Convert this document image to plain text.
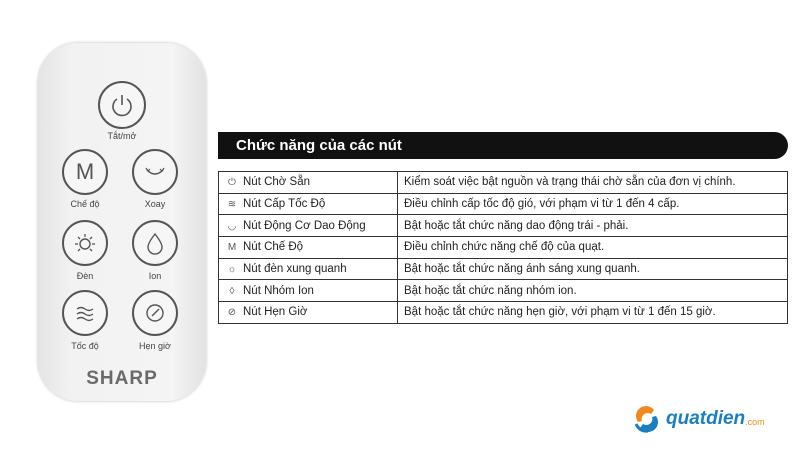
Tắt/mở
M
Chế độ	Xoay
Đèn	Ion
Tốc độ	Hẹn giờ
SHARP
Chức năng của các nút
⏻ Nút Chờ Sẵn	Kiểm soát việc bật nguồn và trạng thái chờ sẵn của đơn vị chính.
≋ Nút Cấp Tốc Độ	Điều chỉnh cấp tốc độ gió, với phạm vi từ 1 đến 4 cấp.
◡ Nút Động Cơ Dao Động	Bật hoặc tắt chức năng dao động trái - phải.
M Nút Chế Độ	Điều chỉnh chức năng chế độ của quạt.
☼ Nút đèn xung quanh	Bật hoặc tắt chức năng ánh sáng xung quanh.
◊ Nút Nhóm Ion	Bật hoặc tắt chức năng nhóm ion.
⊘ Nút Hẹn Giờ	Bật hoặc tắt chức năng hẹn giờ, với phạm vi từ 1 đến 15 giờ.
quatdien .com
